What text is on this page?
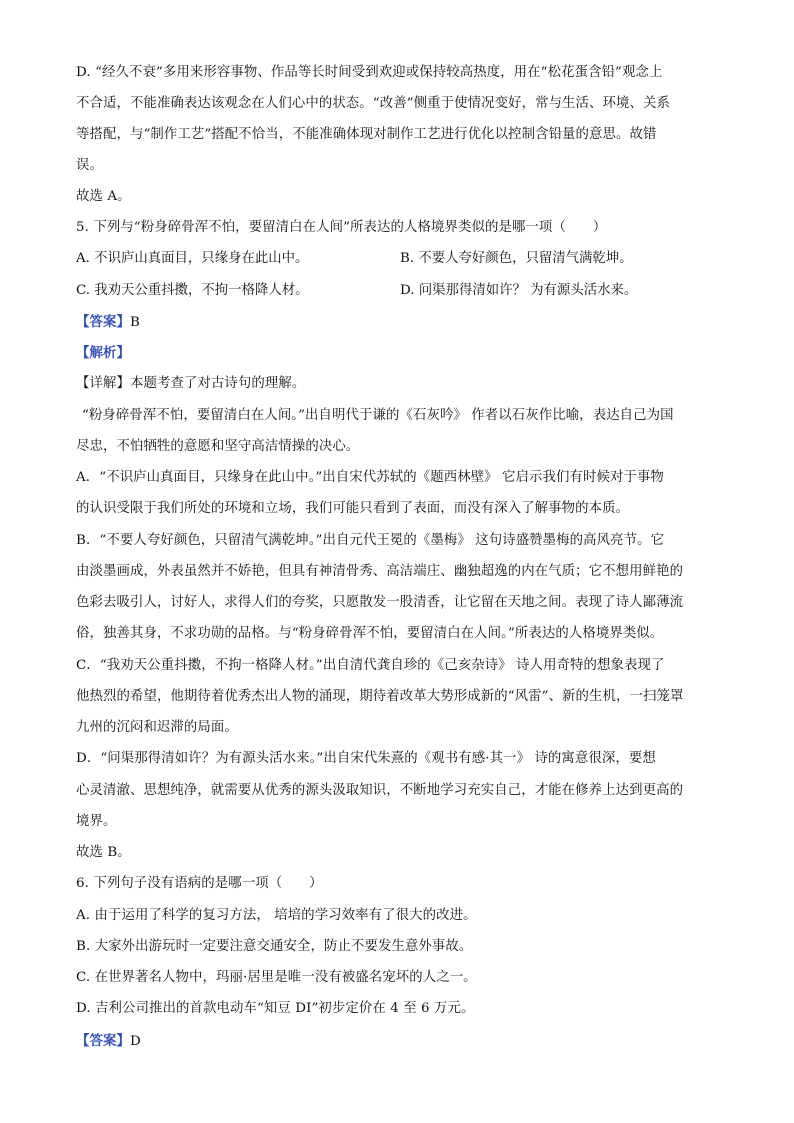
D. “经久不衰”多用来形容事物、作品等长时间受到欢迎或保持较高热度，用在“松花蛋含铅”观念上
不合适，不能准确表达该观念在人们心中的状态。“改善”侧重于使情况变好，常与生活、环境、关系
等搭配，与“制作工艺”搭配不恰当，不能准确体现对制作工艺进行优化以控制含铅量的意思。故错
误。
故选 A。
5. 下列与“粉身碎骨浑不怕，要留清白在人间”所表达的人格境界类似的是哪一项（　　）
A. 不识庐山真面目，只缘身在此山中。	B. 不要人夸好颜色，只留清气满乾坤。
C. 我劝天公重抖擞，不拘一格降人材。	D. 问渠那得清如许？ 为有源头活水来。
【答案】B
【解析】
【详解】本题考查了对古诗句的理解。
“粉身碎骨浑不怕，要留清白在人间。”出自明代于谦的《石灰吟》 作者以石灰作比喻，表达自己为国
尽忠，不怕牺牲的意愿和坚守高洁情操的决心。
A．“不识庐山真面目，只缘身在此山中。”出自宋代苏轼的《题西林壁》 它启示我们有时候对于事物
的认识受限于我们所处的环境和立场，我们可能只看到了表面，而没有深入了解事物的本质。
B．“不要人夸好颜色，只留清气满乾坤。”出自元代王冕的《墨梅》 这句诗盛赞墨梅的高风亮节。它
由淡墨画成，外表虽然并不娇艳，但具有神清骨秀、高洁端庄、幽独超逸的内在气质；它不想用鲜艳的
色彩去吸引人，讨好人，求得人们的夸奖，只愿散发一股清香，让它留在天地之间。表现了诗人鄙薄流
俗，独善其身，不求功勋的品格。与“粉身碎骨浑不怕，要留清白在人间。”所表达的人格境界类似。
C．“我劝天公重抖擞，不拘一格降人材。”出自清代龚自珍的《己亥杂诗》 诗人用奇特的想象表现了
他热烈的希望，他期待着优秀杰出人物的涌现，期待着改革大势形成新的“风雷”、新的生机，一扫笼罩
九州的沉闷和迟滞的局面。
D．“问渠那得清如许？为有源头活水来。”出自宋代朱熹的《观书有感·其一》 诗的寓意很深，要想
心灵清澈、思想纯净，就需要从优秀的源头汲取知识，不断地学习充实自己，才能在修养上达到更高的
境界。
故选 B。
6. 下列句子没有语病的是哪一项（　　）
A. 由于运用了科学的复习方法， 培培的学习效率有了很大的改进。
B. 大家外出游玩时一定要注意交通安全，防止不要发生意外事故。
C. 在世界著名人物中，玛丽·居里是唯一没有被盛名宠坏的人之一。
D. 吉利公司推出的首款电动车“知豆 DI”初步定价在 4 至 6 万元。
【答案】D
